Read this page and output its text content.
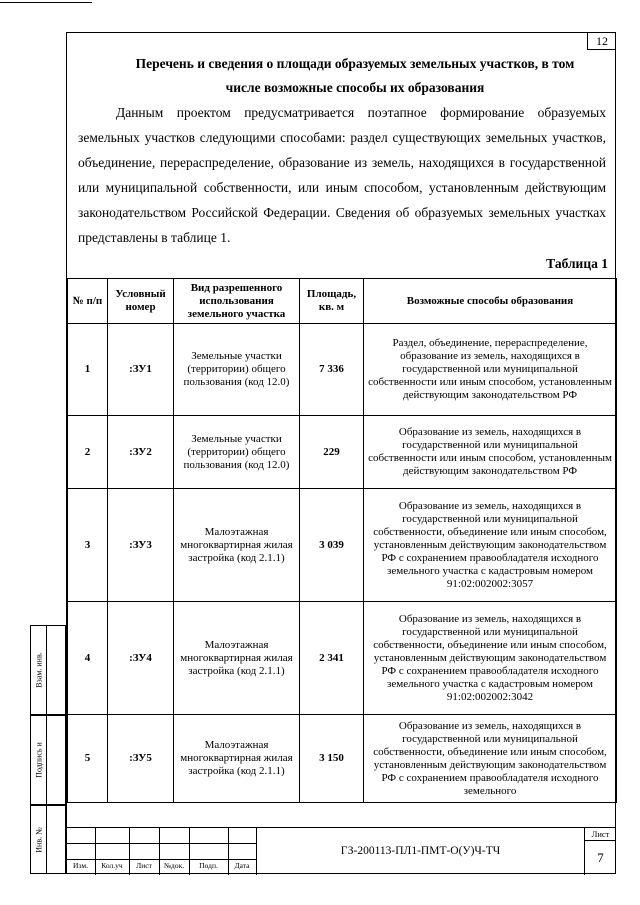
12
Перечень и сведения о площади образуемых земельных участков, в том
числе возможные способы их образования
Данным проектом предусматривается поэтапное формирование образуемых земельных участков следующими способами: раздел существующих земельных участков, объединение, перераспределение, образование из земель, находящихся в государственной или муниципальной собственности, или иным способом, установленным действующим законодательством Российской Федерации. Сведения об образуемых земельных участках представлены в таблице 1.
Таблица 1
№ п/п	Условный номер	Вид разрешенного использования земельного участка	Площадь, кв. м	Возможные способы образования
1	:ЗУ1	Земельные участки (территории) общего пользования (код 12.0)	7 336	Раздел, объединение, перераспределение, образование из земель, находящихся в государственной или муниципальной собственности или иным способом, установленным действующим законодательством РФ
2	:ЗУ2	Земельные участки (территории) общего пользования (код 12.0)	229	Образование из земель, находящихся в государственной или муниципальной собственности или иным способом, установленным действующим законодательством РФ
3	:ЗУ3	Малоэтажная многоквартирная жилая застройка (код 2.1.1)	3 039	Образование из земель, находящихся в государственной или муниципальной собственности, объединение или иным способом, установленным действующим законодательством РФ с сохранением правообладателя исходного земельного участка с кадастровым номером 91:02:002002:3057
4	:ЗУ4	Малоэтажная многоквартирная жилая застройка (код 2.1.1)	2 341	Образование из земель, находящихся в государственной или муниципальной собственности, объединение или иным способом, установленным действующим законодательством РФ с сохранением правообладателя исходного земельного участка с кадастровым номером 91:02:002002:3042
5	:ЗУ5	Малоэтажная многоквартирная жилая застройка (код 2.1.1)	3 150	Образование из земель, находящихся в государственной или муниципальной собственности, объединение или иным способом, установленным действующим законодательством РФ с сохранением правообладателя исходного земельного
Взам. инв.
Подпись и
Инв. №
Изм.	Кол.уч	Лист	№док.	Подп.	Дата
ГЗ-200113-ПЛ1-ПМТ-О(У)Ч-ТЧ
Лист
7
